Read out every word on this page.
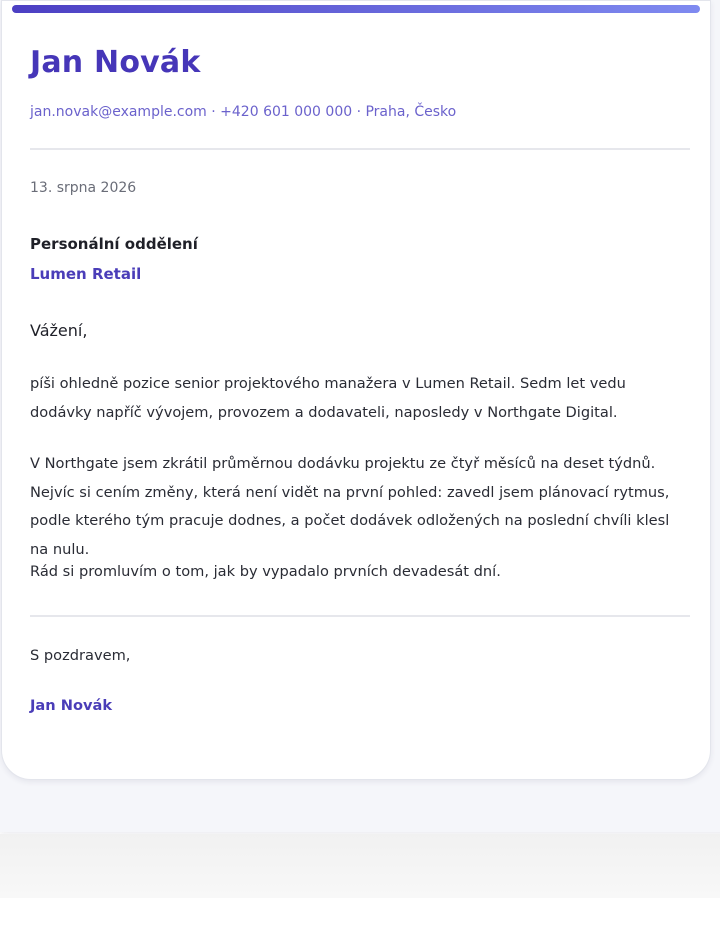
Jan Novák
jan.novak@example.com · +420 601 000 000 · Praha, Česko
13. srpna 2026
Personální oddělení
Lumen Retail
Vážení,

píši ohledně pozice senior projektového manažera v Lumen Retail. Sedm let vedu dodávky napříč vývojem, provozem a dodavateli, naposledy v Northgate Digital.

V Northgate jsem zkrátil průměrnou dodávku projektu ze čtyř měsíců na deset týdnů. Nejvíc si cením změny, která není vidět na první pohled: zavedl jsem plánovací rytmus, podle kterého tým pracuje dodnes, a počet dodávek odložených na poslední chvíli klesl na nulu.

Rád si promluvím o tom, jak by vypadalo prvních devadesát dní.

S pozdravem,
Jan Novák
